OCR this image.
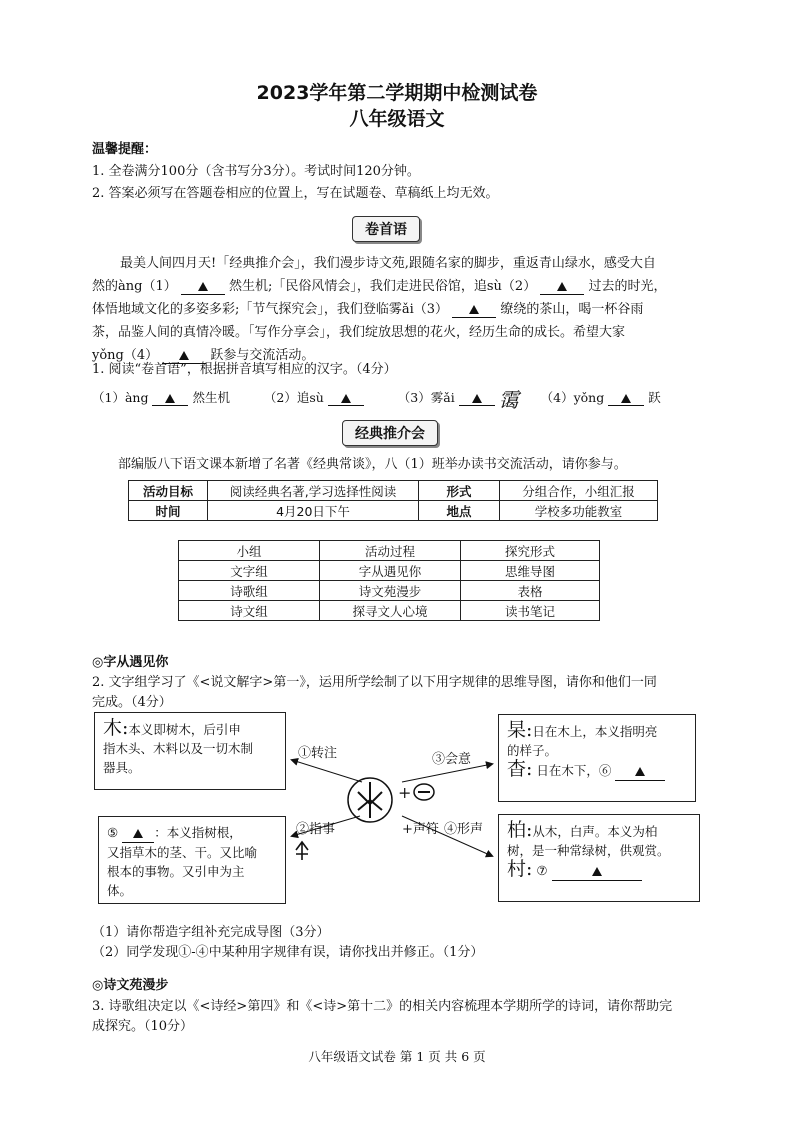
2023学年第二学期期中检测试卷
八年级语文
温馨提醒：
1. 全卷满分100分（含书写分3分）。考试时间120分钟。
2. 答案必须写在答题卷相应的位置上，写在试题卷、草稿纸上均无效。
卷首语
最美人间四月天!「经典推介会」，我们漫步诗文苑,跟随名家的脚步，重返青山绿水，感受大自
然的àng（1）	然生机;「民俗风情会」，我们走进民俗馆，追sù（2）	过去的时光，
体悟地域文化的多姿多彩;「节气探究会」，我们登临雾ǎi（3）	缭绕的茶山，喝一杯谷雨
茶，品鉴人间的真情冷暖。「写作分享会」，我们绽放思想的花火，经历生命的成长。希望大家
yǒng（4）	跃参与交流活动。
1. 阅读“卷首语”，根据拼音填写相应的汉字。（4分）
（1）àng	然生机	（2）追sù	（3）雾ǎi 霭 （4）yǒng	跃
经典推介会
部编版八下语文课本新增了名著《经典常谈》，八（1）班举办读书交流活动，请你参与。
活动目标	阅读经典名著,学习选择性阅读	形式	分组合作，小组汇报
时间	4月20日下午	地点	学校多功能教室
小组	活动过程	探究形式
文字组	字从遇见你	思维导图
诗歌组	诗文苑漫步	表格
诗文组	探寻文人心境	读书笔记
◎字从遇见你
2. 文字组学习了《<说文解字>第一》，运用所学绘制了以下用字规律的思维导图，请你和他们一同
完成。（4分）
木:本义即树木，后引申
指木头、木料以及一切木制
器具。
杲:日在木上，本义指明亮
的样子。
杳: 日在木下，⑥
⑤	：本义指树根，
又指草木的茎、干。又比喻
根本的事物。又引申为主
体。
柏:从木，白声。本义为柏
树，是一种常绿树，供观赏。
村: ⑦
①转注	③会意
②指事	+声符 ④形声
+
（1）请你帮造字组补充完成导图（3分）
（2）同学发现①-④中某种用字规律有误，请你找出并修正。（1分）
◎诗文苑漫步
3. 诗歌组决定以《<诗经>第四》和《<诗>第十二》的相关内容梳理本学期所学的诗词，请你帮助完
成探究。（10分）
八年级语文试卷 第 1 页 共 6 页
